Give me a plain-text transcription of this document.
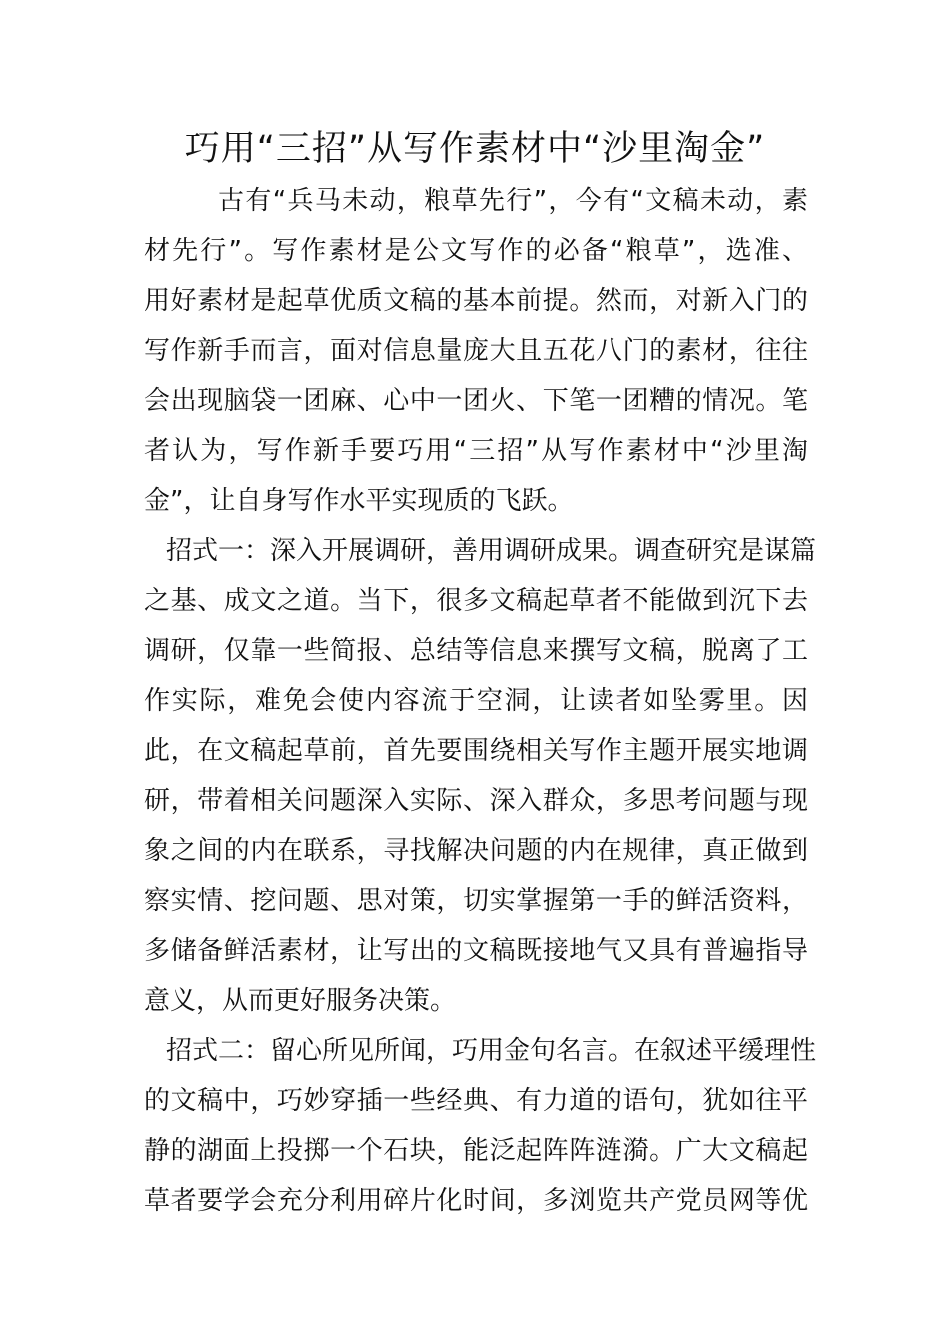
巧用“三招”从写作素材中“沙里淘金”
古有“兵马未动，粮草先行”，今有“文稿未动，素
材先行”。写作素材是公文写作的必备“粮草”，选准、
用好素材是起草优质文稿的基本前提。然而，对新入门的
写作新手而言，面对信息量庞大且五花八门的素材，往往
会出现脑袋一团麻、心中一团火、下笔一团糟的情况。笔
者认为，写作新手要巧用“三招”从写作素材中“沙里淘
金”，让自身写作水平实现质的飞跃。
招式一：深入开展调研，善用调研成果。调查研究是谋篇
之基、成文之道。当下，很多文稿起草者不能做到沉下去
调研，仅靠一些简报、总结等信息来撰写文稿，脱离了工
作实际，难免会使内容流于空洞，让读者如坠雾里。因
此，在文稿起草前，首先要围绕相关写作主题开展实地调
研，带着相关问题深入实际、深入群众，多思考问题与现
象之间的内在联系，寻找解决问题的内在规律，真正做到
察实情、挖问题、思对策，切实掌握第一手的鲜活资料，
多储备鲜活素材，让写出的文稿既接地气又具有普遍指导
意义，从而更好服务决策。
招式二：留心所见所闻，巧用金句名言。在叙述平缓理性
的文稿中，巧妙穿插一些经典、有力道的语句，犹如往平
静的湖面上投掷一个石块，能泛起阵阵涟漪。广大文稿起
草者要学会充分利用碎片化时间，多浏览共产党员网等优
